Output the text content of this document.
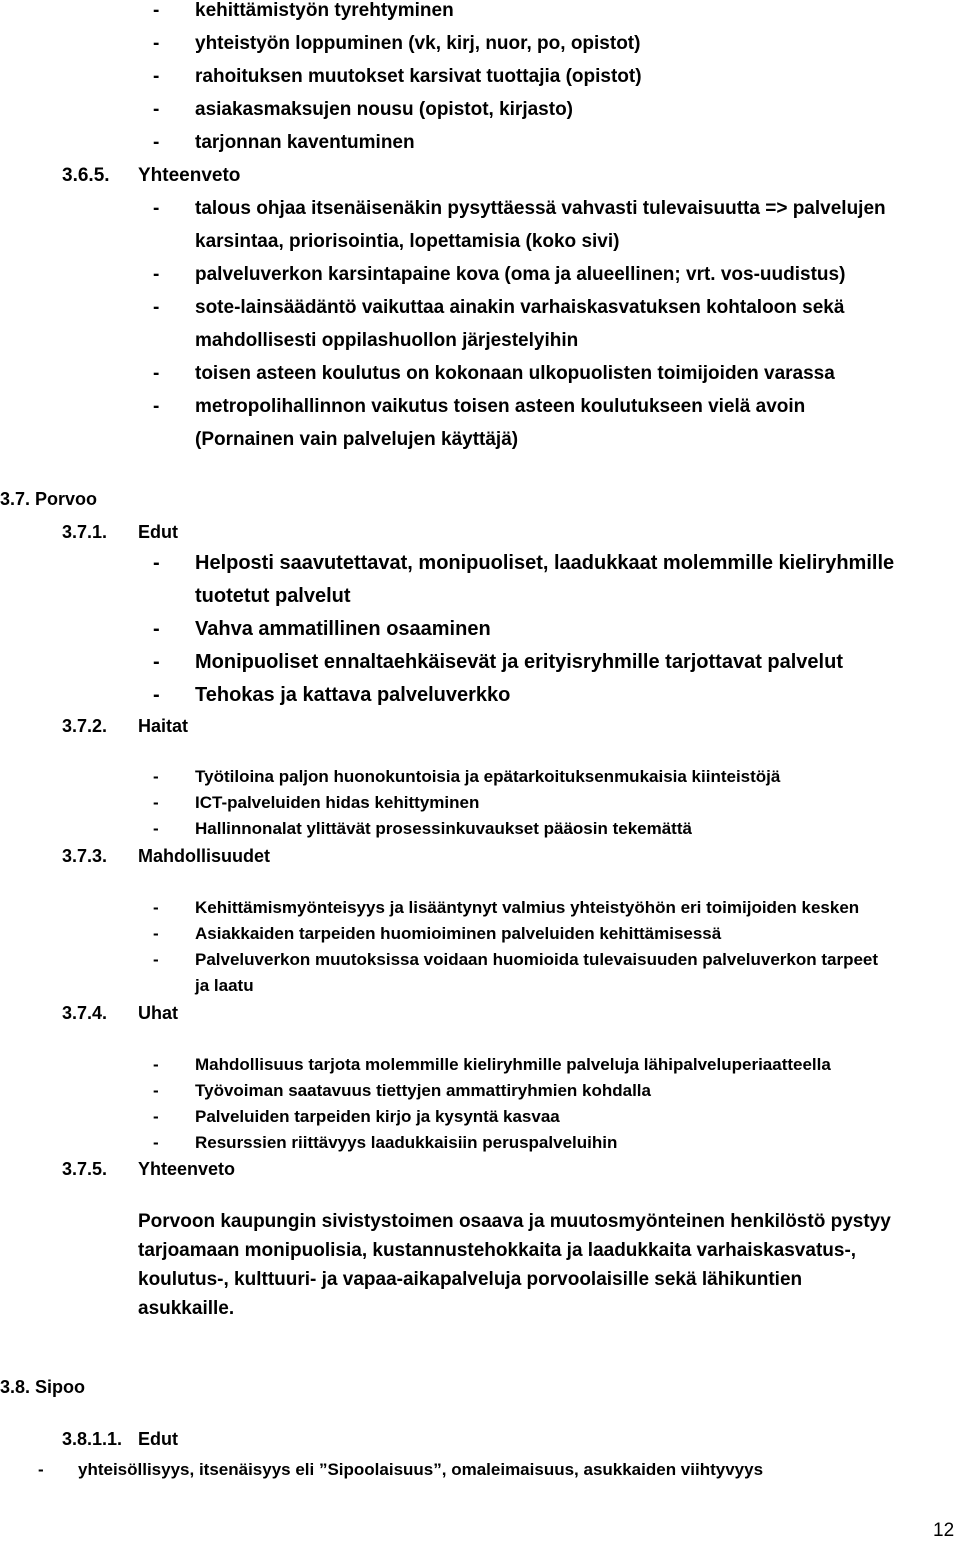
- kehittämistyön tyrehtyminen
- yhteistyön loppuminen (vk, kirj, nuor, po, opistot)
- rahoituksen muutokset karsivat tuottajia (opistot)
- asiakasmaksujen nousu (opistot, kirjasto)
- tarjonnan kaventuminen
3.6.5. Yhteenveto
- talous ohjaa itsenäisenäkin pysyttäessä vahvasti tulevaisuutta => palvelujen
karsintaa, priorisointia, lopettamisia (koko sivi)
- palveluverkon karsintapaine kova (oma ja alueellinen; vrt. vos-uudistus)
- sote-lainsäädäntö vaikuttaa ainakin varhaiskasvatuksen kohtaloon sekä
mahdollisesti oppilashuollon järjestelyihin
- toisen asteen koulutus on kokonaan ulkopuolisten toimijoiden varassa
- metropolihallinnon vaikutus toisen asteen koulutukseen vielä avoin
(Pornainen vain palvelujen käyttäjä)
3.7. Porvoo
3.7.1. Edut
- Helposti saavutettavat, monipuoliset, laadukkaat molemmille kieliryhmille
tuotetut palvelut
- Vahva ammatillinen osaaminen
- Monipuoliset ennaltaehkäisevät ja erityisryhmille tarjottavat palvelut
- Tehokas ja kattava palveluverkko
3.7.2. Haitat
- Työtiloina paljon huonokuntoisia ja epätarkoituksenmukaisia kiinteistöjä
- ICT-palveluiden hidas kehittyminen
- Hallinnonalat ylittävät prosessinkuvaukset pääosin tekemättä
3.7.3. Mahdollisuudet
- Kehittämismyönteisyys ja lisääntynyt valmius yhteistyöhön eri toimijoiden kesken
- Asiakkaiden tarpeiden huomioiminen palveluiden kehittämisessä
- Palveluverkon muutoksissa voidaan huomioida tulevaisuuden palveluverkon tarpeet
ja laatu
3.7.4. Uhat
- Mahdollisuus tarjota molemmille kieliryhmille palveluja lähipalveluperiaatteella
- Työvoiman saatavuus tiettyjen ammattiryhmien kohdalla
- Palveluiden tarpeiden kirjo ja kysyntä kasvaa
- Resurssien riittävyys laadukkaisiin peruspalveluihin
3.7.5. Yhteenveto
Porvoon kaupungin sivistystoimen osaava ja muutosmyönteinen henkilöstö pystyy
tarjoamaan monipuolisia, kustannustehokkaita ja laadukkaita varhaiskasvatus-,
koulutus-, kulttuuri- ja vapaa-aikapalveluja porvoolaisille sekä lähikuntien
asukkaille.
3.8. Sipoo
3.8.1.1. Edut
- yhteisöllisyys, itsenäisyys eli ”Sipoolaisuus”, omaleimaisuus, asukkaiden viihtyvyys
12
